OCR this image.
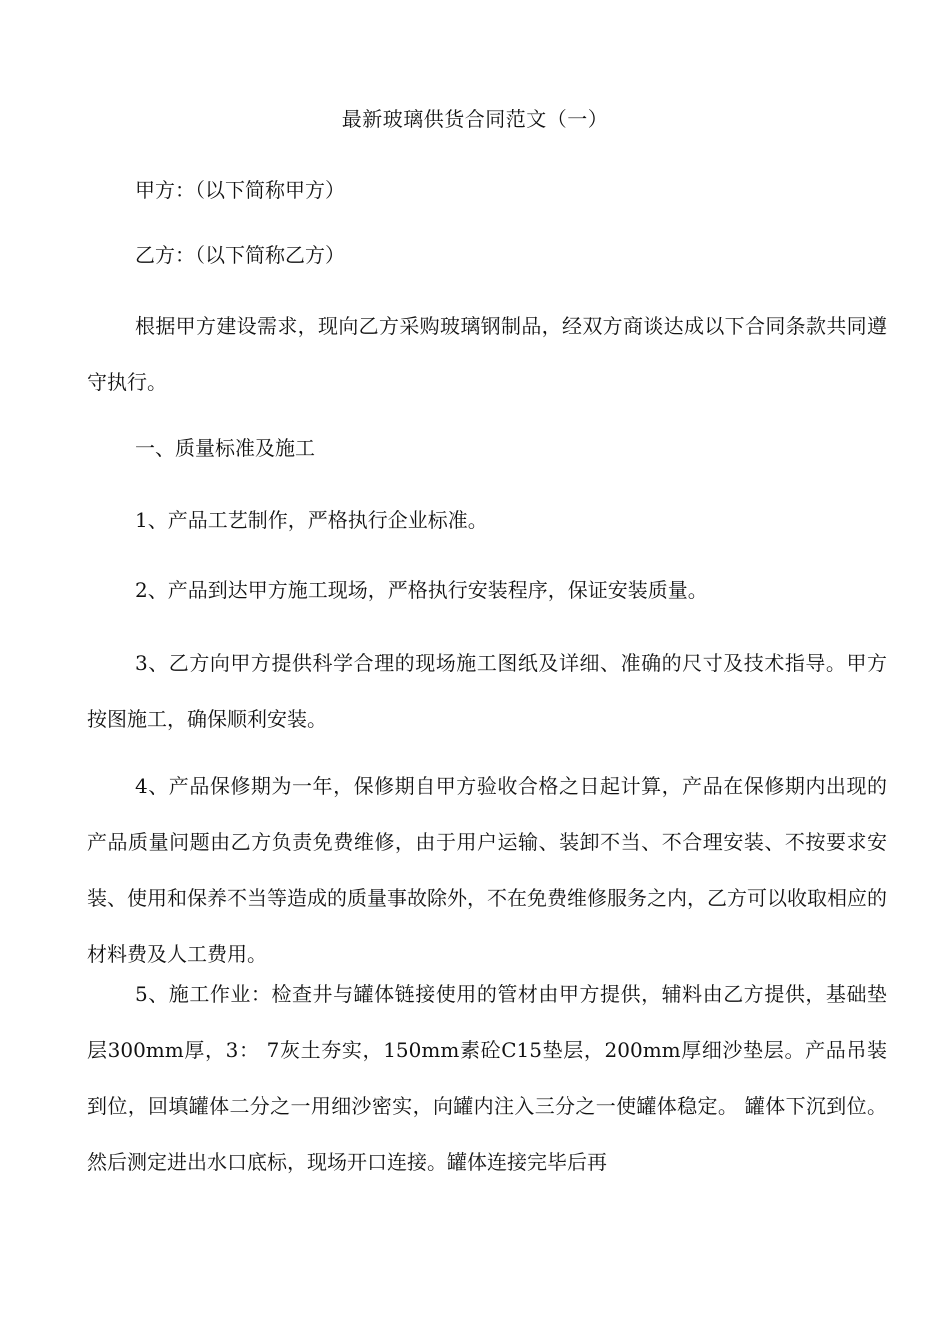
最新玻璃供货合同范文（一）

甲方：（以下简称甲方）

乙方：（以下简称乙方）

根据甲方建设需求，现向乙方采购玻璃钢制品，经双方商谈达成以下合同条款共同遵守执行。

一、质量标准及施工

1、产品工艺制作，严格执行企业标准。

2、产品到达甲方施工现场，严格执行安装程序，保证安装质量。

3、乙方向甲方提供科学合理的现场施工图纸及详细、准确的尺寸及技术指导。甲方按图施工，确保顺利安装。

4、产品保修期为一年，保修期自甲方验收合格之日起计算，产品在保修期内出现的产品质量问题由乙方负责免费维修，由于用户运输、装卸不当、不合理安装、不按要求安装、使用和保养不当等造成的质量事故除外，不在免费维修服务之内，乙方可以收取相应的材料费及人工费用。

5、施工作业：检查井与罐体链接使用的管材由甲方提供，辅料由乙方提供，基础垫层300mm厚，3： 7灰土夯实，150mm素砼C15垫层，200mm厚细沙垫层。产品吊装到位，回填罐体二分之一用细沙密实，向罐内注入三分之一使罐体稳定。 罐体下沉到位。然后测定进出水口底标，现场开口连接。罐体连接完毕后再
